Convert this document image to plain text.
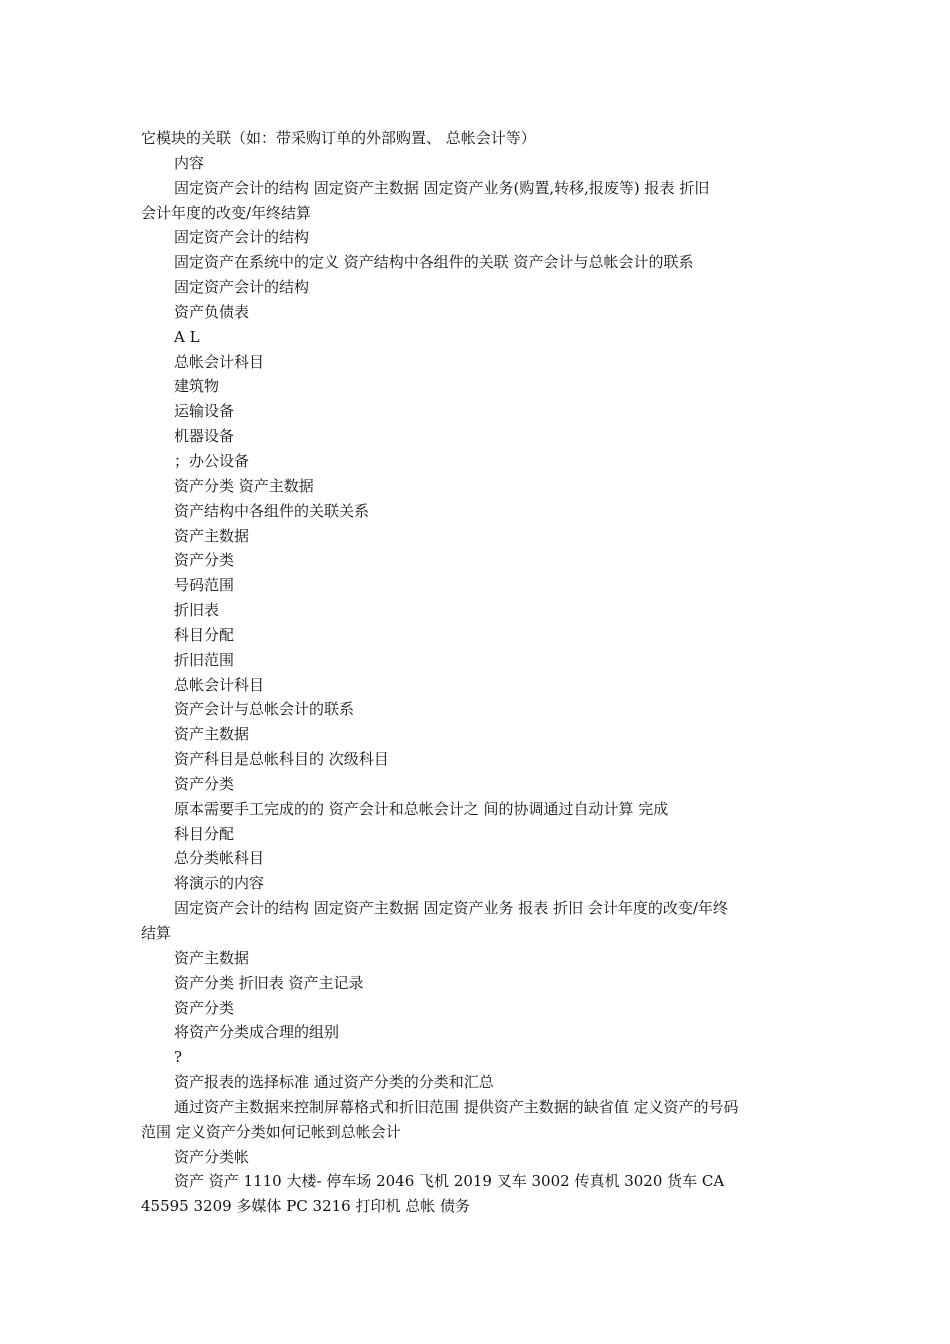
它模块的关联（如：带采购订单的外部购置、 总帐会计等）
内容
固定资产会计的结构 固定资产主数据 固定资产业务(购置,转移,报废等) 报表 折旧
会计年度的改变/年终结算
固定资产会计的结构
固定资产在系统中的定义 资产结构中各组件的关联 资产会计与总帐会计的联系
固定资产会计的结构
资产负债表
A L
总帐会计科目
建筑物
运输设备
机器设备
；办公设备
资产分类 资产主数据
资产结构中各组件的关联关系
资产主数据
资产分类
号码范围
折旧表
科目分配
折旧范围
总帐会计科目
资产会计与总帐会计的联系
资产主数据
资产科目是总帐科目的 次级科目
资产分类
原本需要手工完成的的 资产会计和总帐会计之 间的协调通过自动计算 完成
科目分配
总分类帐科目
将演示的内容
固定资产会计的结构 固定资产主数据 固定资产业务 报表 折旧 会计年度的改变/年终
结算
资产主数据
资产分类 折旧表 资产主记录
资产分类
将资产分类成合理的组别
?
资产报表的选择标准 通过资产分类的分类和汇总
通过资产主数据来控制屏幕格式和折旧范围 提供资产主数据的缺省值 定义资产的号码
范围 定义资产分类如何记帐到总帐会计
资产分类帐
资产 资产 1110 大楼- 停车场 2046 飞机 2019 叉车 3002 传真机 3020 货车 CA
45595 3209 多媒体 PC 3216 打印机 总帐 债务
